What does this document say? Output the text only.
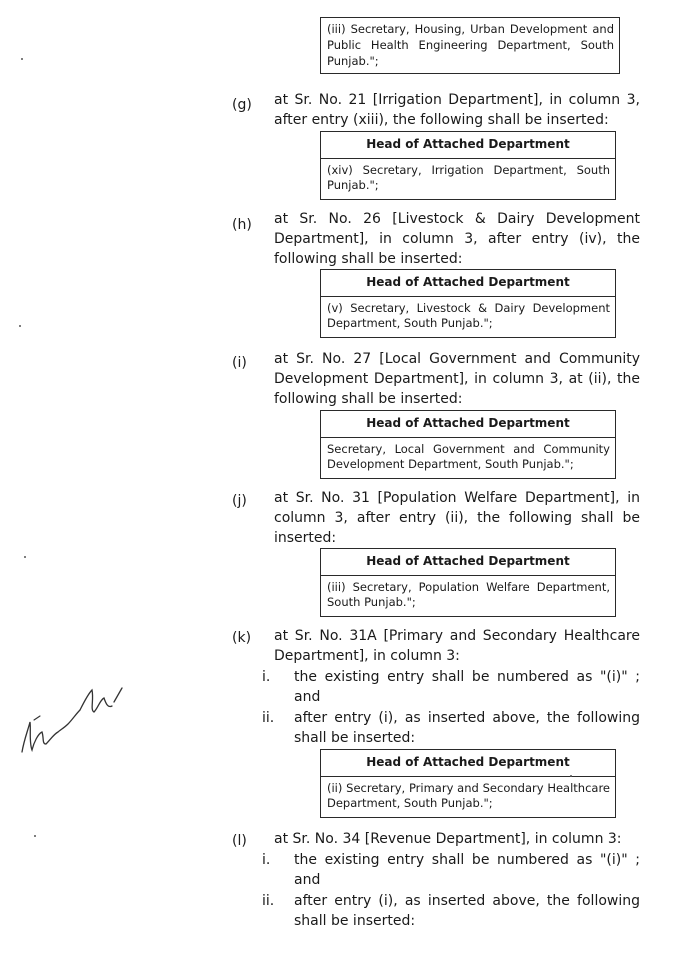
(iii) Secretary, Housing, Urban Development and Public Health Engineering Department, South Punjab.";
(g)	at Sr. No. 21 [Irrigation Department], in column 3, after entry (xiii), the following shall be inserted:
Head of Attached Department
(xiv) Secretary, Irrigation Department, South Punjab.";
(h)	at Sr. No. 26 [Livestock & Dairy Development Department], in column 3, after entry (iv), the following shall be inserted:
Head of Attached Department
(v) Secretary, Livestock & Dairy Development Department, South Punjab.";
(i)	at Sr. No. 27 [Local Government and Community Development Department], in column 3, at (ii), the following shall be inserted:
Head of Attached Department
Secretary, Local Government and Community Development Department, South Punjab.";
(j)	at Sr. No. 31 [Population Welfare Department], in column 3, after entry (ii), the following shall be inserted:
Head of Attached Department
(iii) Secretary, Population Welfare Department, South Punjab.";
(k)	at Sr. No. 31A [Primary and Secondary Healthcare Department], in column 3:
i.	the existing entry shall be numbered as "(i)" ; and
ii.	after entry (i), as inserted above, the following shall be inserted:
Head of Attached Department
(ii) Secretary, Primary and Secondary Healthcare Department, South Punjab.";
(l)	at Sr. No. 34 [Revenue Department], in column 3:
i.	the existing entry shall be numbered as "(i)" ; and
ii.	after entry (i), as inserted above, the following shall be inserted:
